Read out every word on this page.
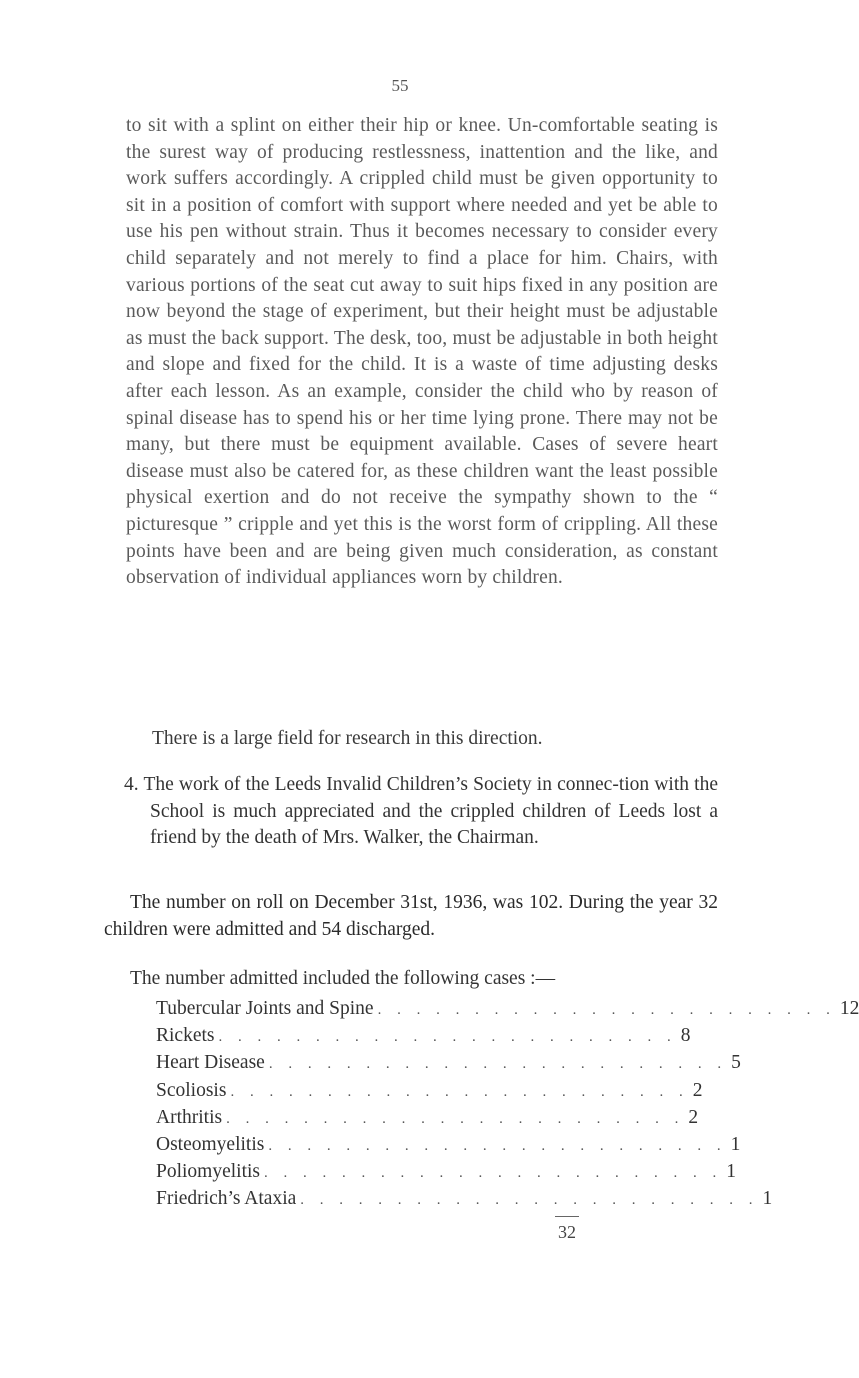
55

to sit with a splint on either their hip or knee. Un-comfortable seating is the surest way of producing restlessness, inattention and the like, and work suffers accordingly. A crippled child must be given opportunity to sit in a position of comfort with support where needed and yet be able to use his pen without strain. Thus it becomes necessary to consider every child separately and not merely to find a place for him. Chairs, with various portions of the seat cut away to suit hips fixed in any position are now beyond the stage of experiment, but their height must be adjustable as must the back support. The desk, too, must be adjustable in both height and slope and fixed for the child. It is a waste of time adjusting desks after each lesson. As an example, consider the child who by reason of spinal disease has to spend his or her time lying prone. There may not be many, but there must be equipment available. Cases of severe heart disease must also be catered for, as these children want the least possible physical exertion and do not receive the sympathy shown to the “ picturesque ” cripple and yet this is the worst form of crippling. All these points have been and are being given much consideration, as constant observation of individual appliances worn by children.

There is a large field for research in this direction.

4. The work of the Leeds Invalid Children’s Society in connec-tion with the School is much appreciated and the crippled children of Leeds lost a friend by the death of Mrs. Walker, the Chairman.

The number on roll on December 31st, 1936, was 102. During the year 32 children were admitted and 54 discharged.

The number admitted included the following cases :—
Tubercular Joints and Spine . . . . . . . . . . . . . . . . . . . . . . . . 12
Rickets . . . . . . . . . . . . . . . . . . . . . . . . 8
Heart Disease . . . . . . . . . . . . . . . . . . . . . . . . 5
Scoliosis . . . . . . . . . . . . . . . . . . . . . . . . 2
Arthritis . . . . . . . . . . . . . . . . . . . . . . . . 2
Osteomyelitis . . . . . . . . . . . . . . . . . . . . . . . . 1
Poliomyelitis . . . . . . . . . . . . . . . . . . . . . . . . 1
Friedrich’s Ataxia . . . . . . . . . . . . . . . . . . . . . . . . 1
32
